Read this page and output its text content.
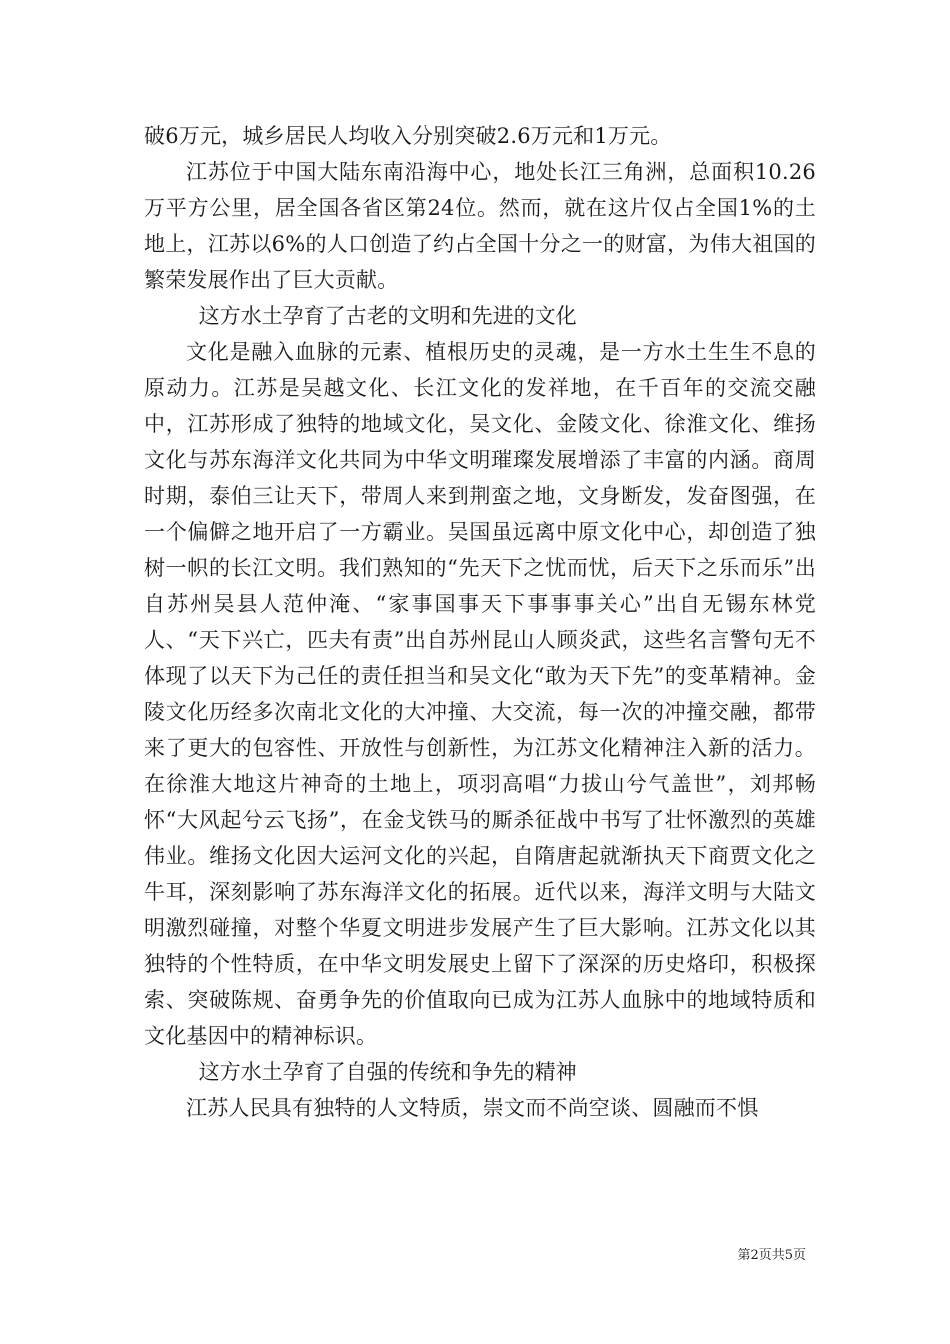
破6万元，城乡居民人均收入分别突破2.6万元和1万元。

江苏位于中国大陆东南沿海中心，地处长江三角洲，总面积10.26万平方公里，居全国各省区第24位。然而，就在这片仅占全国1%的土地上，江苏以6%的人口创造了约占全国十分之一的财富，为伟大祖国的繁荣发展作出了巨大贡献。

这方水土孕育了古老的文明和先进的文化

文化是融入血脉的元素、植根历史的灵魂，是一方水土生生不息的原动力。江苏是吴越文化、长江文化的发祥地，在千百年的交流交融中，江苏形成了独特的地域文化，吴文化、金陵文化、徐淮文化、维扬文化与苏东海洋文化共同为中华文明璀璨发展增添了丰富的内涵。商周时期，泰伯三让天下，带周人来到荆蛮之地，文身断发，发奋图强，在一个偏僻之地开启了一方霸业。吴国虽远离中原文化中心，却创造了独树一帜的长江文明。我们熟知的“先天下之忧而忧，后天下之乐而乐”出自苏州吴县人范仲淹、“家事国事天下事事事关心”出自无锡东林党人、“天下兴亡，匹夫有责”出自苏州昆山人顾炎武，这些名言警句无不体现了以天下为己任的责任担当和吴文化“敢为天下先”的变革精神。金陵文化历经多次南北文化的大冲撞、大交流，每一次的冲撞交融，都带来了更大的包容性、开放性与创新性，为江苏文化精神注入新的活力。在徐淮大地这片神奇的土地上，项羽高唱“力拔山兮气盖世”，刘邦畅怀“大风起兮云飞扬”，在金戈铁马的厮杀征战中书写了壮怀激烈的英雄伟业。维扬文化因大运河文化的兴起，自隋唐起就渐执天下商贾文化之牛耳，深刻影响了苏东海洋文化的拓展。近代以来，海洋文明与大陆文明激烈碰撞，对整个华夏文明进步发展产生了巨大影响。江苏文化以其独特的个性特质，在中华文明发展史上留下了深深的历史烙印，积极探索、突破陈规、奋勇争先的价值取向已成为江苏人血脉中的地域特质和文化基因中的精神标识。

这方水土孕育了自强的传统和争先的精神

江苏人民具有独特的人文特质，崇文而不尚空谈、圆融而不惧

第2页共5页
